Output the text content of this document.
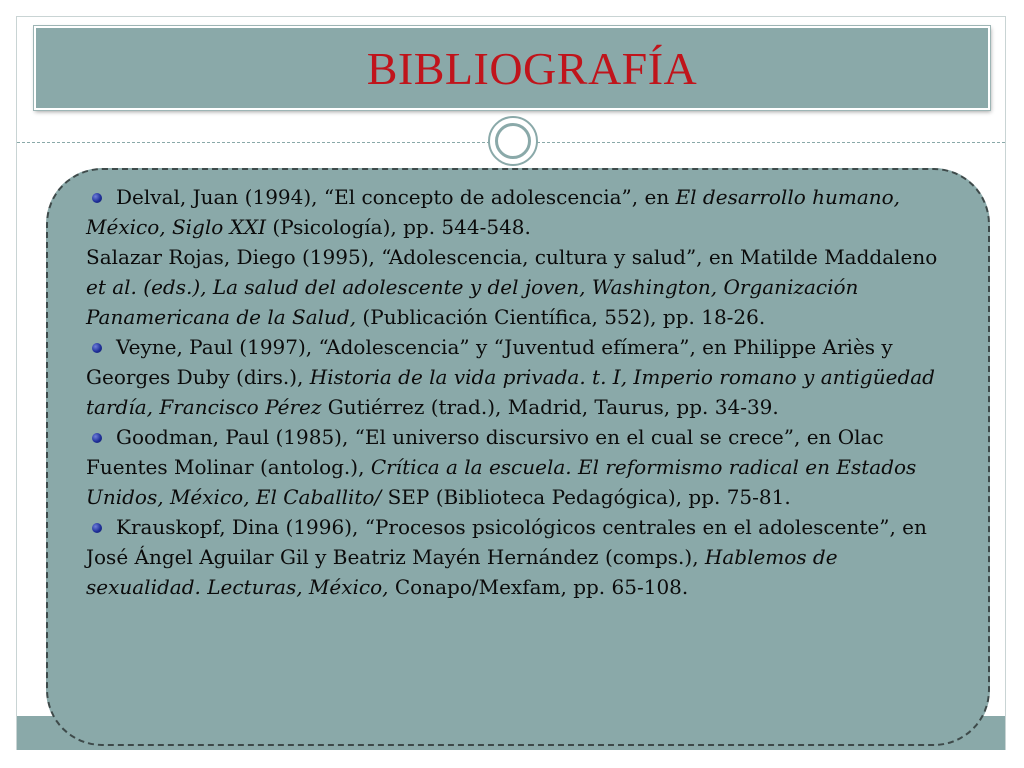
BIBLIOGRAFÍA

Delval, Juan (1994), “El concepto de adolescencia”, en El desarrollo humano, México, Siglo XXI (Psicología), pp. 544-548.

Salazar Rojas, Diego (1995), “Adolescencia, cultura y salud”, en Matilde Maddaleno et al. (eds.), La salud del adolescente y del joven, Washington, Organización Panamericana de la Salud, (Publicación Científica, 552), pp. 18-26.

Veyne, Paul (1997), “Adolescencia” y “Juventud efímera”, en Philippe Ariès y Georges Duby (dirs.), Historia de la vida privada. t. I, Imperio romano y antigüedad tardía, Francisco Pérez Gutiérrez (trad.), Madrid, Taurus, pp. 34-39.

Goodman, Paul (1985), “El universo discursivo en el cual se crece”, en Olac Fuentes Molinar (antolog.), Crítica a la escuela. El reformismo radical en Estados Unidos, México, El Caballito/ SEP (Biblioteca Pedagógica), pp. 75-81.

Krauskopf, Dina (1996), “Procesos psicológicos centrales en el adolescente”, en José Ángel Aguilar Gil y Beatriz Mayén Hernández (comps.), Hablemos de sexualidad. Lecturas, México, Conapo/Mexfam, pp. 65-108.
